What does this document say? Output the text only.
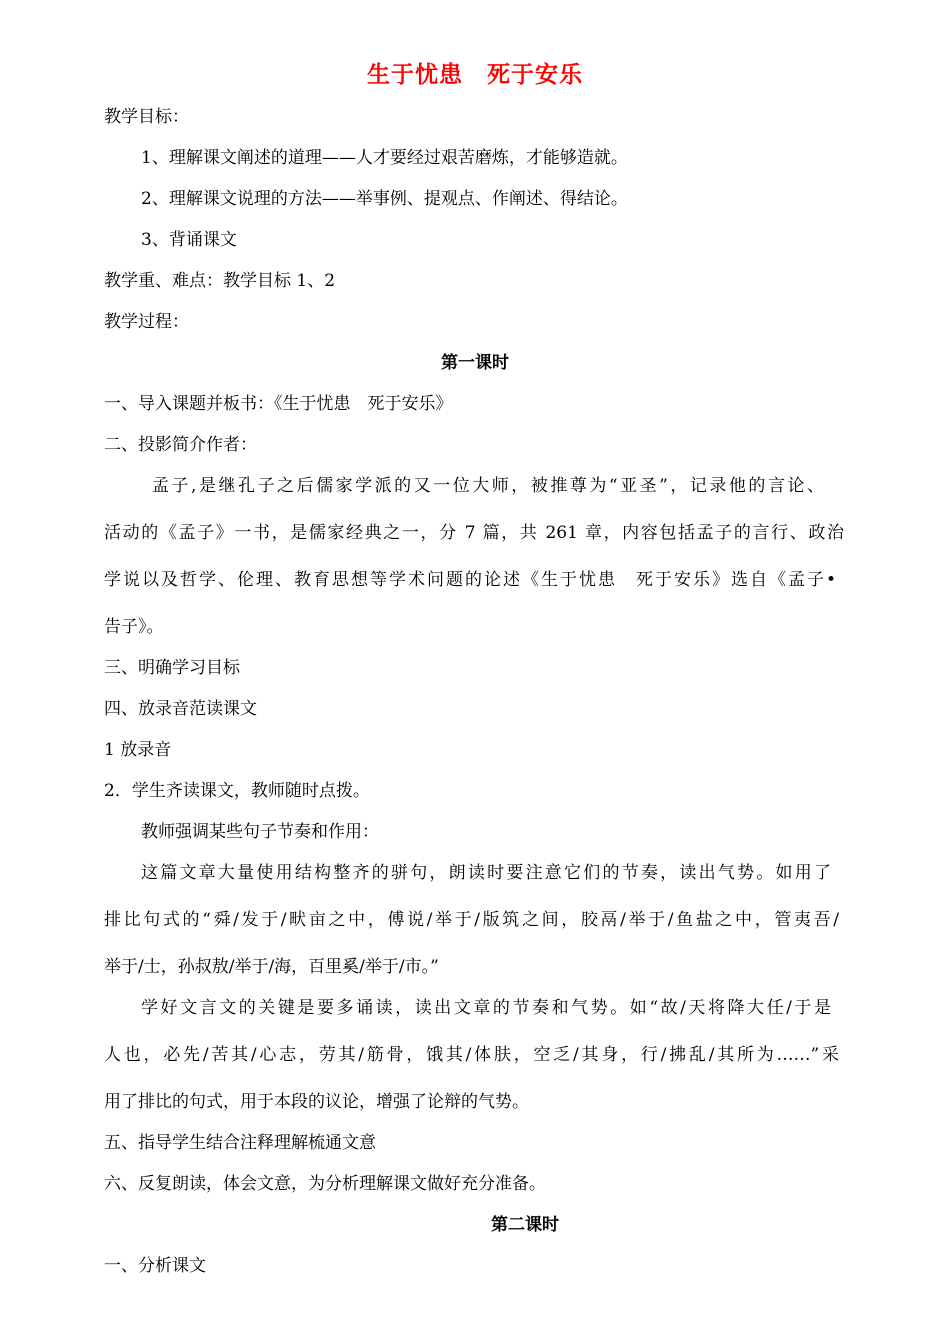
生于忧患　死于安乐
教学目标：
1、理解课文阐述的道理——人才要经过艰苦磨炼，才能够造就。
2、理解课文说理的方法——举事例、提观点、作阐述、得结论。
3、背诵课文
教学重、难点：教学目标 1、2
教学过程：
第一课时
一、导入课题并板书：《生于忧患　死于安乐》
二、投影简介作者：
孟子,是继孔子之后儒家学派的又一位大师，被推尊为“亚圣”，记录他的言论、
活动的《孟子》一书，是儒家经典之一，分 7 篇，共 261 章，内容包括孟子的言行、政治
学说以及哲学、伦理、教育思想等学术问题的论述《生于忧患　死于安乐》选自《孟子•
告子》。
三、明确学习目标
四、放录音范读课文
1 放录音
2．学生齐读课文，教师随时点拨。
教师强调某些句子节奏和作用：
这篇文章大量使用结构整齐的骈句，朗读时要注意它们的节奏，读出气势。如用了
排比句式的“舜/发于/畎亩之中，傅说/举于/版筑之间，胶鬲/举于/鱼盐之中，管夷吾/
举于/士，孙叔敖/举于/海，百里奚/举于/市。”
学好文言文的关键是要多诵读，读出文章的节奏和气势。如“故/天将降大任/于是
人也，必先/苦其/心志，劳其/筋骨，饿其/体肤，空乏/其身，行/拂乱/其所为……”采
用了排比的句式，用于本段的议论，增强了论辩的气势。
五、指导学生结合注释理解梳通文意
六、反复朗读，体会文意，为分析理解课文做好充分准备。
第二课时
一、分析课文
